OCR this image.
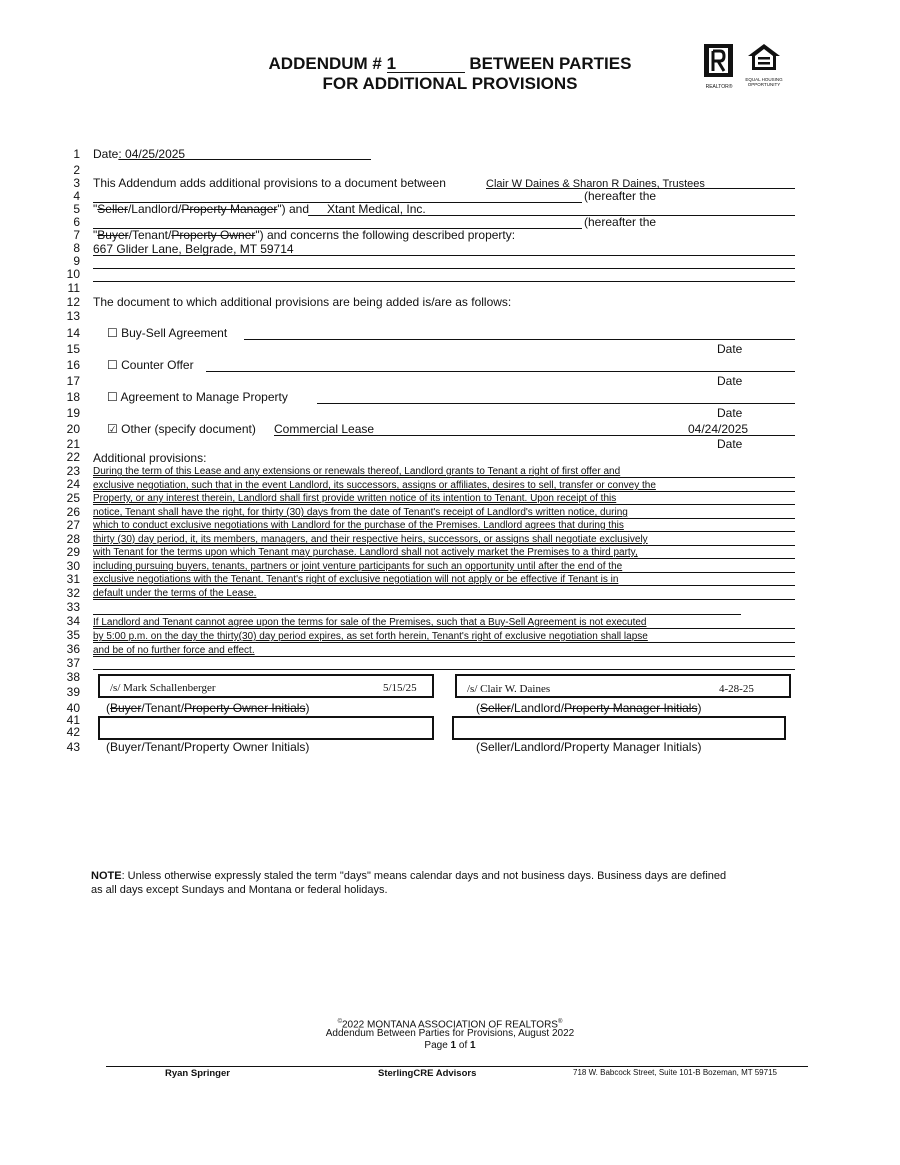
ADDENDUM # 1	BETWEEN PARTIES
FOR ADDITIONAL PROVISIONS	REALTOR®
EQUAL HOUSING OPPORTUNITY
1
2
3
4
5
6
7
8
9
10
11
12
13
14
15
16
17
18
19
20
21
22
23
24
25
26
27
28
29
30
31
32
33
34
35
36
37
38
39
40
41
42
43
Date: 04/25/2025
This Addendum adds additional provisions to a document between	Clair W Daines & Sharon R Daines, Trustees
(hereafter the
"Seller/Landlord/Property Manager") and Xtant Medical, Inc.
(hereafter the
"Buyer/Tenant/Property Owner") and concerns the following described property:
667 Glider Lane, Belgrade, MT 59714
The document to which additional provisions are being added is/are as follows:
☐ Buy-Sell Agreement
Date
☐ Counter Offer
Date
☐ Agreement to Manage Property
Date
☑ Other (specify document) Commercial Lease	04/24/2025
Date
Additional provisions:
During the term of this Lease and any extensions or renewals thereof, Landlord grants to Tenant a right of first offer and
exclusive negotiation, such that in the event Landlord, its successors, assigns or affiliates, desires to sell, transfer or convey the
Property, or any interest therein, Landlord shall first provide written notice of its intention to Tenant. Upon receipt of this
notice, Tenant shall have the right, for thirty (30) days from the date of Tenant's receipt of Landlord's written notice, during
which to conduct exclusive negotiations with Landlord for the purchase of the Premises. Landlord agrees that during this
thirty (30) day period, it, its members, managers, and their respective heirs, successors, or assigns shall negotiate exclusively
with Tenant for the terms upon which Tenant may purchase. Landlord shall not actively market the Premises to a third party,
including pursuing buyers, tenants, partners or joint venture participants for such an opportunity until after the end of the
exclusive negotiations with the Tenant. Tenant's right of exclusive negotiation will not apply or be effective if Tenant is in
default under the terms of the Lease.
If Landlord and Tenant cannot agree upon the terms for sale of the Premises, such that a Buy-Sell Agreement is not executed
by 5:00 p.m. on the day the thirty(30) day period expires, as set forth herein, Tenant's right of exclusive negotiation shall lapse
and be of no further force and effect.
/s/ Mark Schallenberger	5/15/25	/s/ Clair W. Daines	4-28-25
(Buyer/Tenant/Property Owner Initials)	(Seller/Landlord/Property Manager Initials)
(Buyer/Tenant/Property Owner Initials)	(Seller/Landlord/Property Manager Initials)
NOTE: Unless otherwise expressly staled the term "days" means calendar days and not business days. Business days are defined
as all days except Sundays and Montana or federal holidays.
©2022 MONTANA ASSOCIATION OF REALTORS®
Addendum Between Parties for Provisions, August 2022
Page 1 of 1
Ryan Springer	SterlingCRE Advisors	718 W. Babcock Street, Suite 101-B Bozeman, MT 59715
